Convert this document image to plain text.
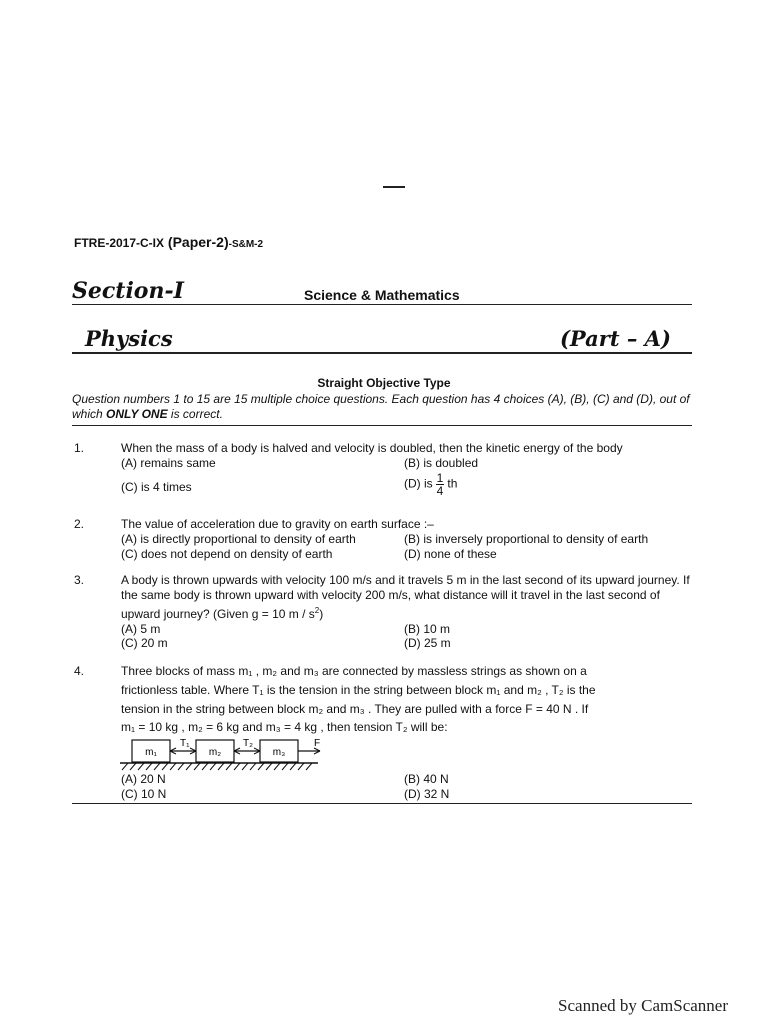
FTRE-2017-C-IX (Paper-2)-S&M-2
Section-I	Science & Mathematics
Physics	(Part – A)
Straight Objective Type
Question numbers 1 to 15 are 15 multiple choice questions. Each question has 4 choices (A), (B), (C) and (D), out of which ONLY ONE is correct.
1.	When the mass of a body is halved and velocity is doubled, then the kinetic energy of the body
(A) remains same	(B) is doubled
(C) is 4 times	(D) is $\frac{1}{4}$ th
2.	The value of acceleration due to gravity on earth surface :–
(A) is directly proportional to density of earth	(B) is inversely proportional to density of earth
(C) does not depend on density of earth	(D) none of these
3.	A body is thrown upwards with velocity 100 m/s and it travels 5 m in the last second of its upward journey. If the same body is thrown upward with velocity 200 m/s, what distance will it travel in the last second of upward journey? (Given g = 10 m / $s^2$)
(A) 5 m	(B) 10 m
(C) 20 m	(D) 25 m
4.	Three blocks of mass m₁ , m₂ and m₃ are connected by massless strings as shown on a
frictionless table. Where T₁ is the tension in the string between block m₁ and m₂ , T₂ is the
tension in the string between block m₂ and m₃ . They are pulled with a force F = 40 N . If
m₁ = 10 kg , m₂ = 6 kg and m₃ = 4 kg , then tension T₂ will be:
m₁	m₂	m₃
T₁	T₂	F
(A) 20 N	(B) 40 N
(C) 10 N	(D) 32 N
Scanned by CamScanner
